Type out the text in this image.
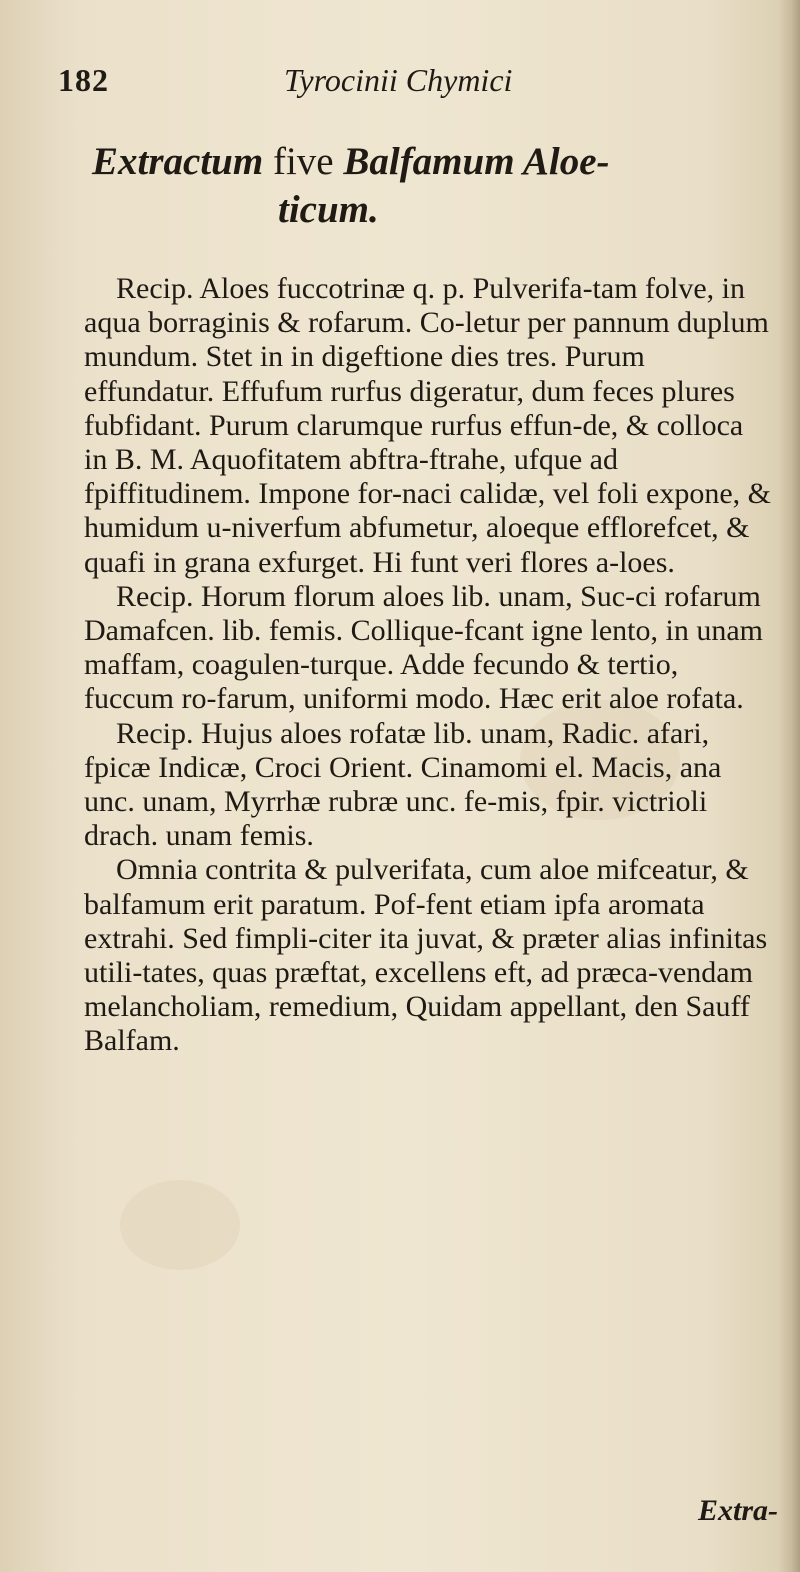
182	Tyrocinii Chymici
Extractum five Balfamum Aloe-
ticum.

Recip. Aloes fuccotrinæ q. p. Pulverifa-tam folve, in aqua borraginis & rofarum. Co-letur per pannum duplum mundum. Stet in in digeftione dies tres. Purum effundatur. Effufum rurfus digeratur, dum feces plures fubfidant. Purum clarumque rurfus effun-de, & colloca in B. M. Aquofitatem abftra-ftrahe, ufque ad fpiffitudinem. Impone for-naci calidæ, vel foli expone, & humidum u-niverfum abfumetur, aloeque efflorefcet, & quafi in grana exfurget. Hi funt veri flores a-loes.

Recip. Horum florum aloes lib. unam, Suc-ci rofarum Damafcen. lib. femis. Collique-fcant igne lento, in unam maffam, coagulen-turque. Adde fecundo & tertio, fuccum ro-farum, uniformi modo. Hæc erit aloe rofata.

Recip. Hujus aloes rofatæ lib. unam, Radic. afari, fpicæ Indicæ, Croci Orient. Cinamomi el. Macis, ana unc. unam, Myrrhæ rubræ unc. fe-mis, fpir. victrioli drach. unam femis.

Omnia contrita & pulverifata, cum aloe mifceatur, & balfamum erit paratum. Pof-fent etiam ipfa aromata extrahi. Sed fimpli-citer ita juvat, & præter alias infinitas utili-tates, quas præftat, excellens eft, ad præca-vendam melancholiam, remedium, Quidam appellant, den Sauff Balfam.

Extra-
